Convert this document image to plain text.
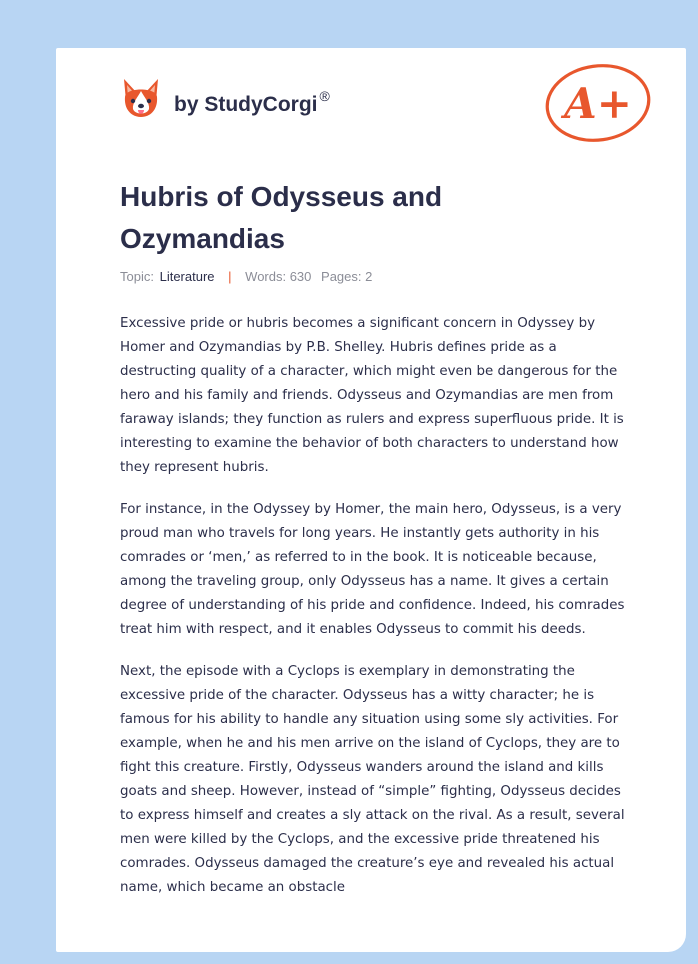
by StudyCorgi ®	A+
Hubris of Odysseus and Ozymandias
Topic: Literature | Words: 630 Pages: 2

Excessive pride or hubris becomes a significant concern in Odyssey by Homer and Ozymandias by P.B. Shelley. Hubris defines pride as a destructing quality of a character, which might even be dangerous for the hero and his family and friends. Odysseus and Ozymandias are men from faraway islands; they function as rulers and express superfluous pride. It is interesting to examine the behavior of both characters to understand how they represent hubris.

For instance, in the Odyssey by Homer, the main hero, Odysseus, is a very proud man who travels for long years. He instantly gets authority in his comrades or ‘men,’ as referred to in the book. It is noticeable because, among the traveling group, only Odysseus has a name. It gives a certain degree of understanding of his pride and confidence. Indeed, his comrades treat him with respect, and it enables Odysseus to commit his deeds.

Next, the episode with a Cyclops is exemplary in demonstrating the excessive pride of the character. Odysseus has a witty character; he is famous for his ability to handle any situation using some sly activities. For example, when he and his men arrive on the island of Cyclops, they are to fight this creature. Firstly, Odysseus wanders around the island and kills goats and sheep. However, instead of “simple” fighting, Odysseus decides to express himself and creates a sly attack on the rival. As a result, several men were killed by the Cyclops, and the excessive pride threatened his comrades. Odysseus damaged the creature’s eye and revealed his actual name, which became an obstacle
